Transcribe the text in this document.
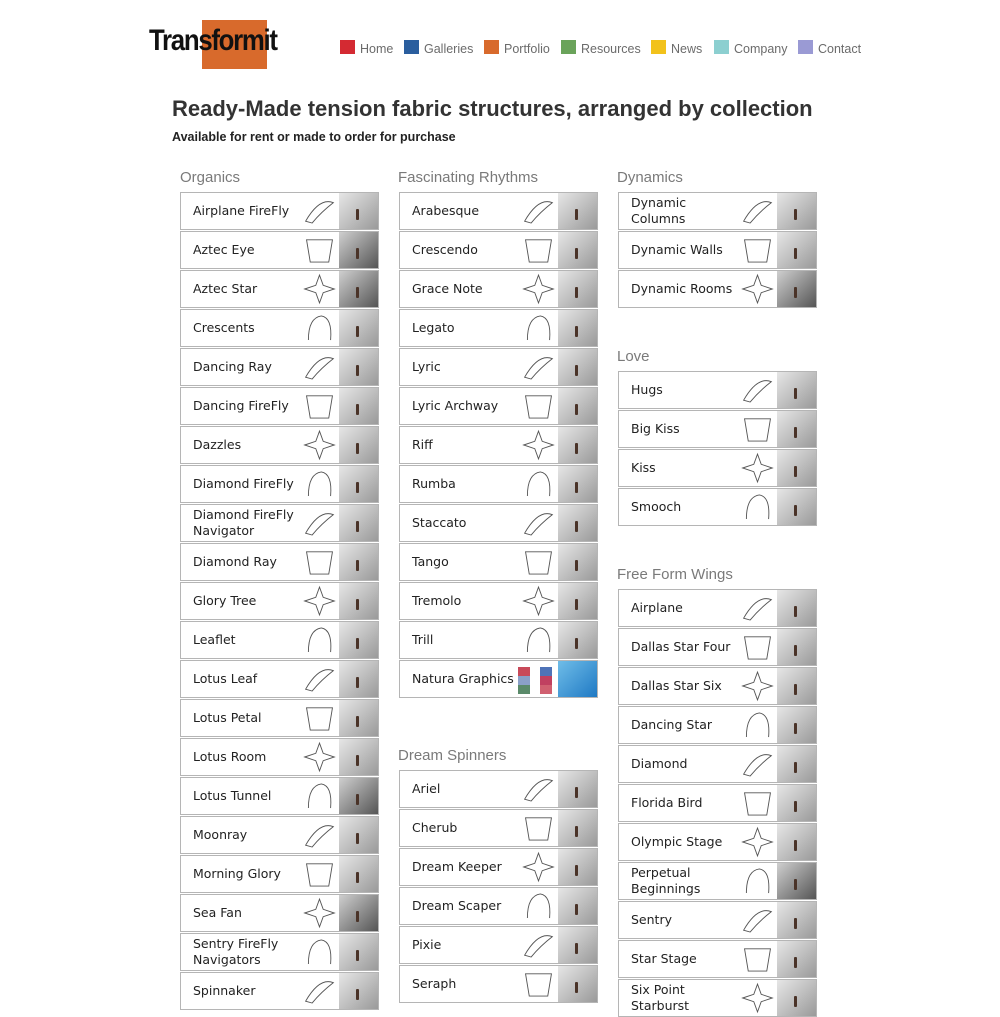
Transformit	Home Galleries Portfolio Resources News	Company Contact
Ready-Made tension fabric structures, arranged by collection

Available for rent or made to order for purchase

Organics
Airplane FireFly
Aztec Eye
Aztec Star
Crescents
Dancing Ray
Dancing FireFly
Dazzles
Diamond FireFly
Diamond FireFly Navigator
Diamond Ray
Glory Tree
Leaflet
Lotus Leaf
Lotus Petal
Lotus Room
Lotus Tunnel
Moonray
Morning Glory
Sea Fan
Sentry FireFly Navigators
Spinnaker
Fascinating Rhythms
Arabesque
Crescendo
Grace Note
Legato
Lyric
Lyric Archway
Riff
Rumba
Staccato
Tango
Tremolo
Trill
Natura Graphics
Dream Spinners
Ariel
Cherub
Dream Keeper
Dream Scaper
Pixie
Seraph
Dynamics
Dynamic Columns
Dynamic Walls
Dynamic Rooms
Love
Hugs
Big Kiss
Kiss
Smooch
Free Form Wings
Airplane
Dallas Star Four
Dallas Star Six
Dancing Star
Diamond
Florida Bird
Olympic Stage
Perpetual Beginnings
Sentry
Star Stage
Six Point Starburst
